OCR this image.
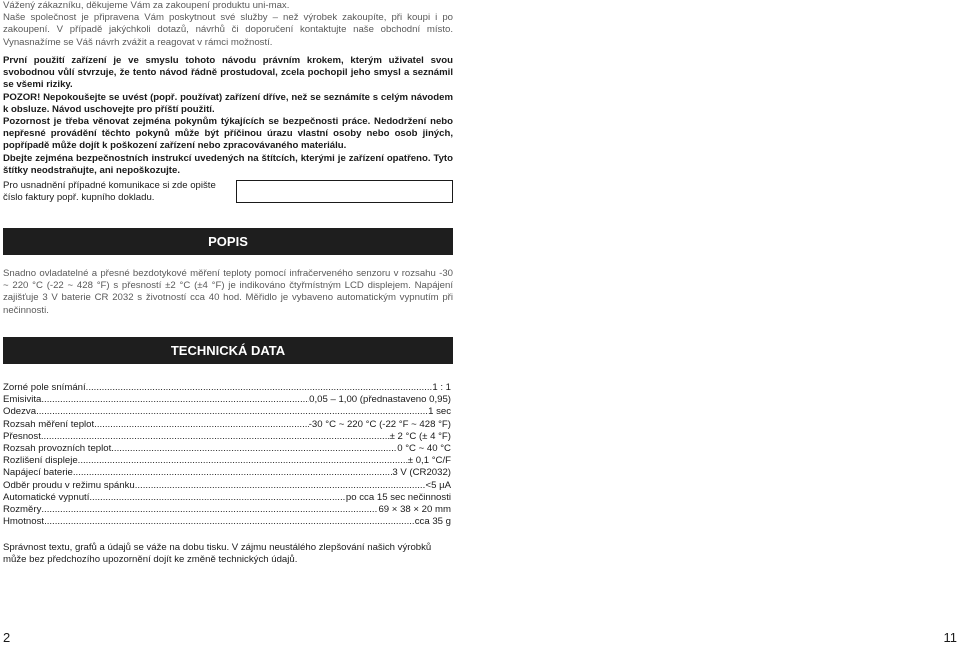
Vážený zákazníku, děkujeme Vám za zakoupení produktu uni-max.

Naše společnost je připravena Vám poskytnout své služby – než výrobek zakoupíte, při koupi i po zakoupení. V případě jakýchkoli dotazů, návrhů či doporučení kontaktujte naše obchodní místo. Vynasnažíme se Váš návrh zvážit a reagovat v rámci možností.

První použití zařízení je ve smyslu tohoto návodu právním krokem, kterým uživatel svou svobodnou vůlí stvrzuje, že tento návod řádně prostudoval, zcela pochopil jeho smysl a seznámil se všemi riziky.

POZOR! Nepokoušejte se uvést (popř. používat) zařízení dříve, než se seznámíte s celým návodem k obsluze. Návod uschovejte pro příští použití.

Pozornost je třeba věnovat zejména pokynům týkajících se bezpečnosti práce. Nedodržení nebo nepřesné provádění těchto pokynů může být příčinou úrazu vlastní osoby nebo osob jiných, popřípadě může dojít k poškození zařízení nebo zpracovávaného materiálu.

Dbejte zejména bezpečnostních instrukcí uvedených na štítcích, kterými je zařízení opatřeno. Tyto štítky neodstraňujte, ani nepoškozujte.

Pro usnadnění případné komunikace si zde opište číslo faktury popř. kupního dokladu.
POPIS
Snadno ovladatelné a přesné bezdotykové měření teploty pomocí infračerveného senzoru v rozsahu -30 ~ 220 °C (-22 ~ 428 °F) s přesností ±2 °C (±4 °F) je indikováno čtyřmístným LCD displejem. Napájení zajišťuje 3 V baterie CR 2032 s životností cca 40 hod. Měřidlo je vybaveno automatickým vypnutím při nečinnosti.
TECHNICKÁ DATA
Zorné pole snímání .....	1 : 1
Emisivita .....	0,05 – 1,00 (přednastaveno 0,95)
Odezva .....	1 sec
Rozsah měření teplot .....	-30 °C ~ 220 °C (-22 °F ~ 428 °F)
Přesnost .....	± 2 °C (± 4 °F)
Rozsah provozních teplot .....	0 °C ~ 40 °C
Rozlišení displeje .....	± 0,1 °C/F
Napájecí baterie .....	3 V (CR2032)
Odběr proudu v režimu spánku .....	<5 µA
Automatické vypnutí .....	po cca 15 sec nečinnosti
Rozměry .....	69 × 38 × 20 mm
Hmotnost .....	cca 35 g
Správnost textu, grafů a údajů se váže na dobu tisku. V zájmu neustálého zlepšování našich výrobků může bez předchozího upozornění dojít ke změně technických údajů.
2	11
